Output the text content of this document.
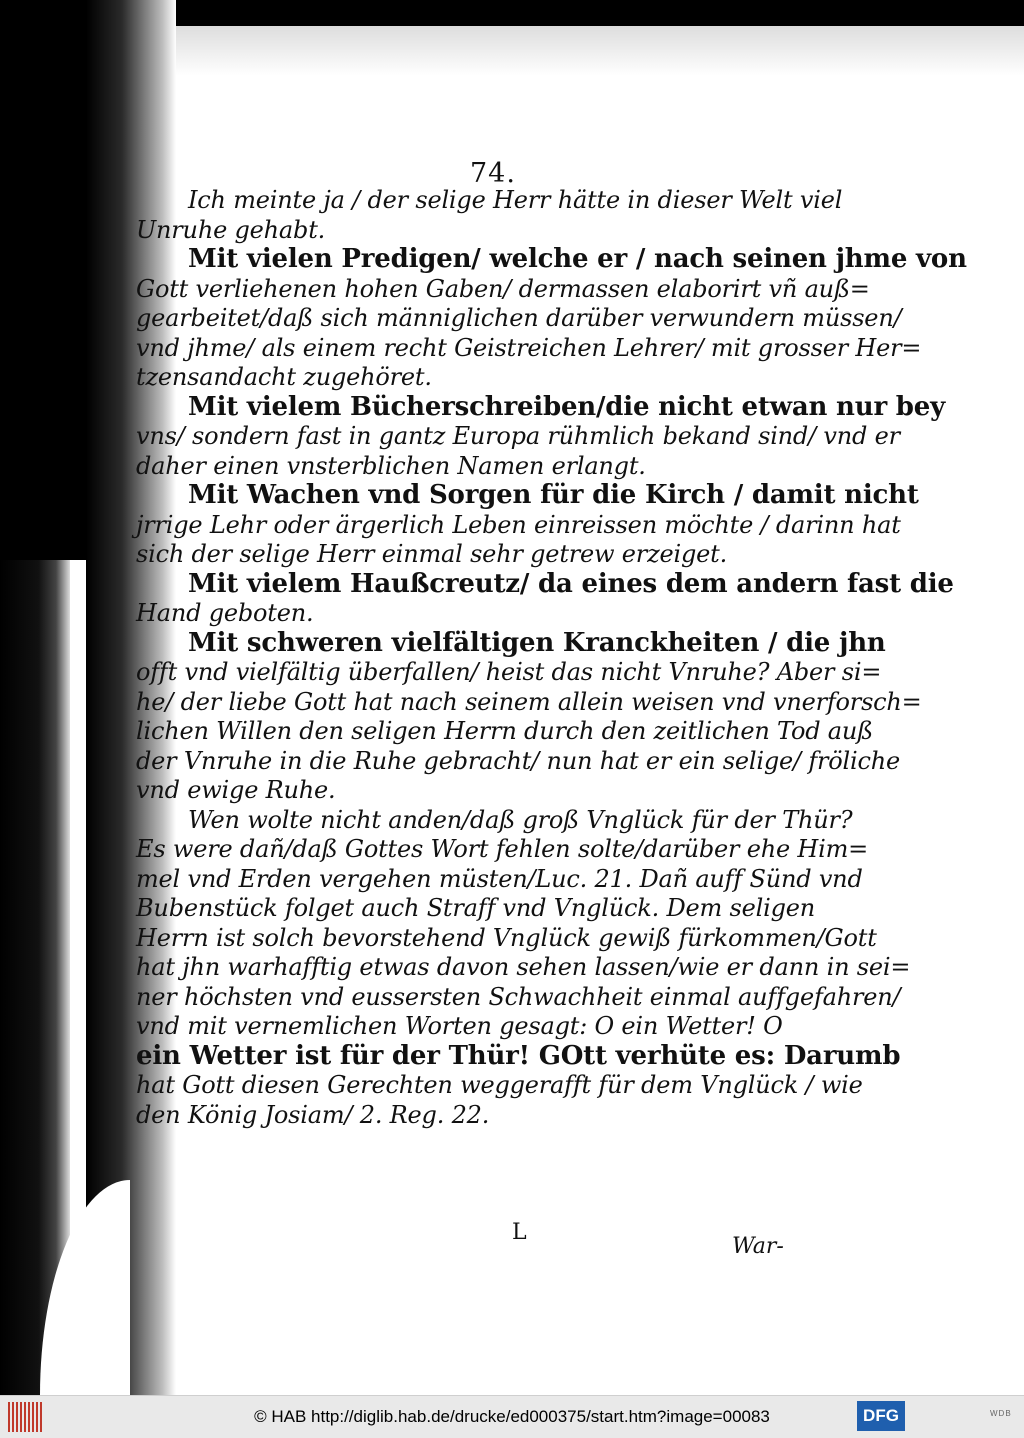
74.
Ich meinte ja / der selige Herr hätte in dieser Welt viel
Unruhe gehabt.
Mit vielen Predigen/ welche er / nach seinen jhme von
Gott verliehenen hohen Gaben/ dermassen elaborirt vñ auß=
gearbeitet/daß sich männiglichen darüber verwundern müssen/
vnd jhme/ als einem recht Geistreichen Lehrer/ mit grosser Her=
tzensandacht zugehöret.
Mit vielem Bücherschreiben/die nicht etwan nur bey
vns/ sondern fast in gantz Europa rühmlich bekand sind/ vnd er
daher einen vnsterblichen Namen erlangt.
Mit Wachen vnd Sorgen für die Kirch / damit nicht
jrrige Lehr oder ärgerlich Leben einreissen möchte / darinn hat
sich der selige Herr einmal sehr getrew erzeiget.
Mit vielem Haußcreutz/ da eines dem andern fast die
Hand geboten.
Mit schweren vielfältigen Kranckheiten / die jhn
offt vnd vielfältig überfallen/ heist das nicht Vnruhe? Aber si=
he/ der liebe Gott hat nach seinem allein weisen vnd vnerforsch=
lichen Willen den seligen Herrn durch den zeitlichen Tod auß
der Vnruhe in die Ruhe gebracht/ nun hat er ein selige/ fröliche
vnd ewige Ruhe.
Wen wolte nicht anden/daß groß Vnglück für der Thür?
Es were dañ/daß Gottes Wort fehlen solte/darüber ehe Him=
mel vnd Erden vergehen müsten/Luc. 21. Dañ auff Sünd vnd
Bubenstück folget auch Straff vnd Vnglück. Dem seligen
Herrn ist solch bevorstehend Vnglück gewiß fürkommen/Gott
hat jhn warhafftig etwas davon sehen lassen/wie er dann in sei=
ner höchsten vnd eussersten Schwachheit einmal auffgefahren/
vnd mit vernemlichen Worten gesagt: O ein Wetter! O
ein Wetter ist für der Thür! GOtt verhüte es: Darumb
hat Gott diesen Gerechten weggerafft für dem Vnglück / wie
den König Josiam/ 2. Reg. 22.
L
War-
© HAB http://diglib.hab.de/drucke/ed000375/start.htm?image=00083	DFG	WDB
